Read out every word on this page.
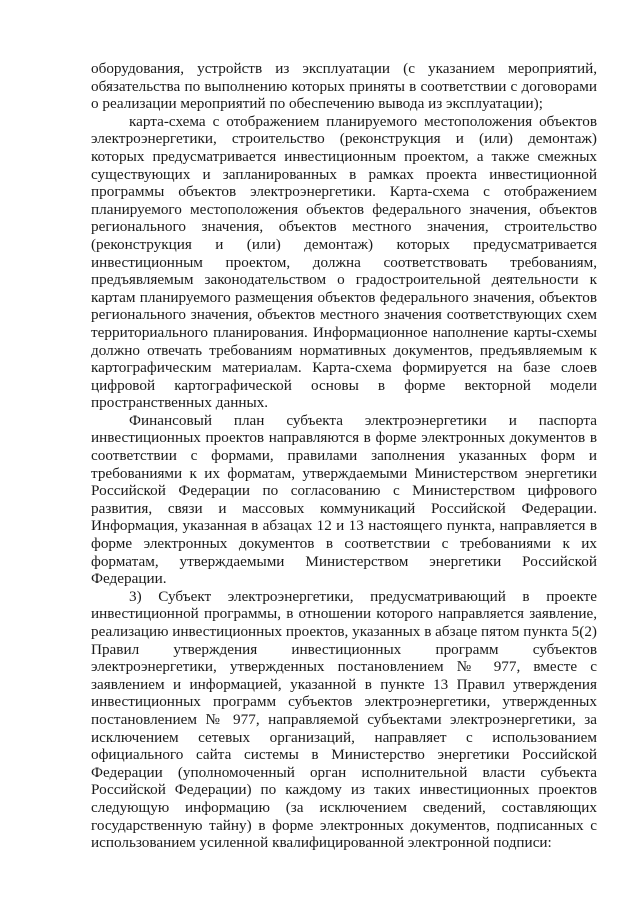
оборудования, устройств из эксплуатации (с указанием мероприятий, обязательства по выполнению которых приняты в соответствии с договорами о реализации мероприятий по обеспечению вывода из эксплуатации);

карта-схема с отображением планируемого местоположения объектов электроэнергетики, строительство (реконструкция и (или) демонтаж) которых предусматривается инвестиционным проектом, а также смежных существующих и запланированных в рамках проекта инвестиционной программы объектов электроэнергетики. Карта-схема с отображением планируемого местоположения объектов федерального значения, объектов регионального значения, объектов местного значения, строительство (реконструкция и (или) демонтаж) которых предусматривается инвестиционным проектом, должна соответствовать требованиям, предъявляемым законодательством о градостроительной деятельности к картам планируемого размещения объектов федерального значения, объектов регионального значения, объектов местного значения соответствующих схем территориального планирования. Информационное наполнение карты-схемы должно отвечать требованиям нормативных документов, предъявляемым к картографическим материалам. Карта-схема формируется на базе слоев цифровой картографической основы в форме векторной модели пространственных данных.

Финансовый план субъекта электроэнергетики и паспорта инвестиционных проектов направляются в форме электронных документов в соответствии с формами, правилами заполнения указанных форм и требованиями к их форматам, утверждаемыми Министерством энергетики Российской Федерации по согласованию с Министерством цифрового развития, связи и массовых коммуникаций Российской Федерации. Информация, указанная в абзацах 12 и 13 настоящего пункта, направляется в форме электронных документов в соответствии с требованиями к их форматам, утверждаемыми Министерством энергетики Российской Федерации.

3) Субъект электроэнергетики, предусматривающий в проекте инвестиционной программы, в отношении которого направляется заявление, реализацию инвестиционных проектов, указанных в абзаце пятом пункта 5(2) Правил утверждения инвестиционных программ субъектов электроэнергетики, утвержденных постановлением № 977, вместе с заявлением и информацией, указанной в пункте 13 Правил утверждения инвестиционных программ субъектов электроэнергетики, утвержденных постановлением № 977, направляемой субъектами электроэнергетики, за исключением сетевых организаций, направляет с использованием официального сайта системы в Министерство энергетики Российской Федерации (уполномоченный орган исполнительной власти субъекта Российской Федерации) по каждому из таких инвестиционных проектов следующую информацию (за исключением сведений, составляющих государственную тайну) в форме электронных документов, подписанных с использованием усиленной квалифицированной электронной подписи:
